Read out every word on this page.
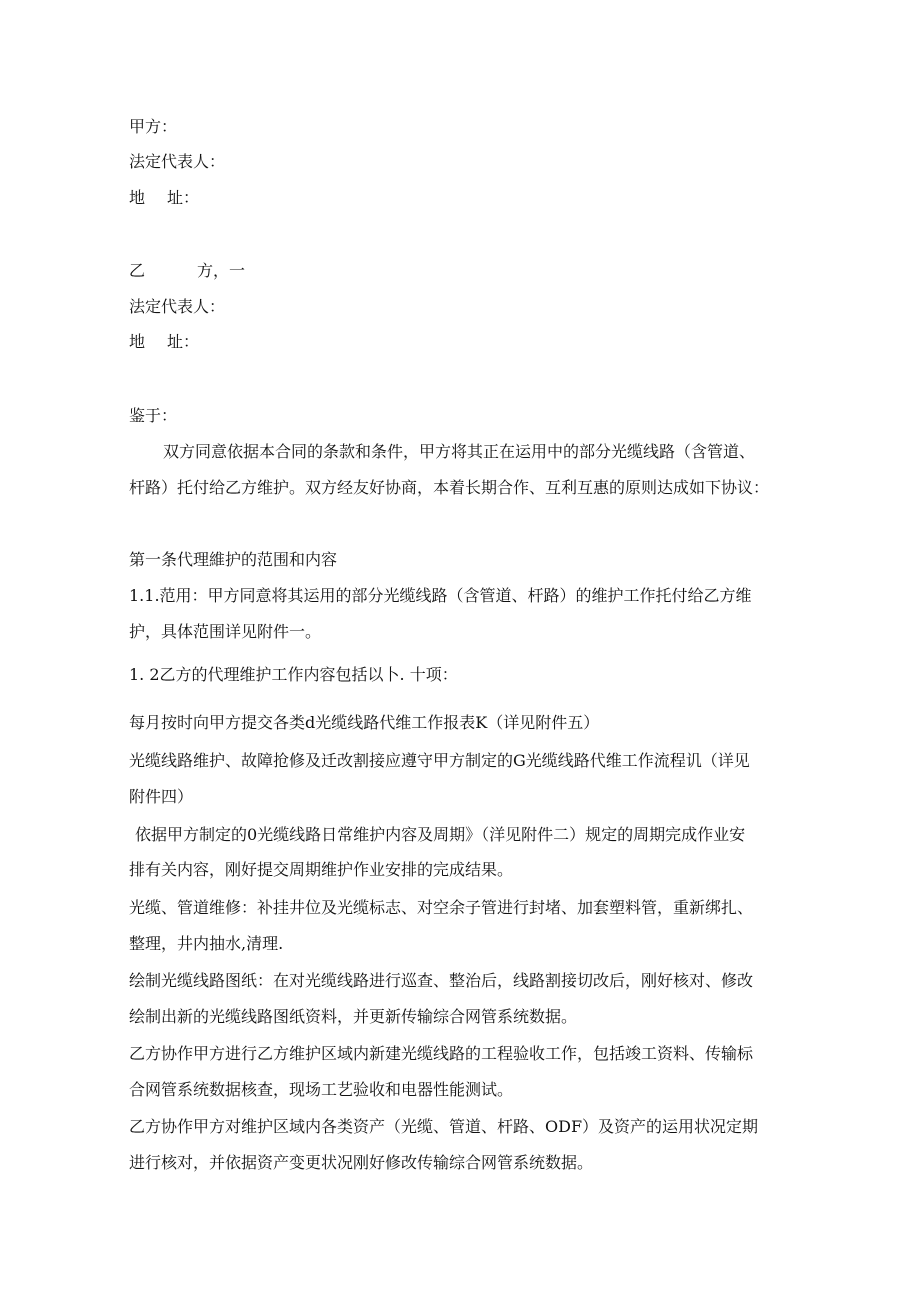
甲方：
法定代表人：
地 址：
乙	方，一
法定代表人：
地 址：
鉴于：
双方同意依据本合同的条款和条件，甲方将其正在运用中的部分光缆线路（含管道、
杆路）托付给乙方维护。双方经友好协商，本着长期合作、互利互惠的原则达成如下协议：
第一条代理維护的范围和内容
1.1.范用：甲方同意将其运用的部分光缆线路（含管道、杆路）的维护工作托付给乙方维
护，具体范围详见附件一。
1. 2乙方的代理维护工作内容包括以卜. 十项：
每月按时向甲方提交各类d光缆线路代维工作报表K（详见附件五）
光缆线路维护、故障抢修及迁改割接应遵守甲方制定的G光缆线路代维工作流程讥（详见
附件四）
依据甲方制定的0光缆线路日常维护内容及周期》（洋见附件二）规定的周期完成作业安
排有关内容，刚好提交周期维护作业安排的完成结果。
光缆、管道维修：补挂井位及光缆标志、对空余子管进行封堵、加套塑料管，重新绑扎、
整理，井内抽水,清理.
绘制光缆线路图纸：在对光缆线路进行巡查、整治后，线路割接切改后，刚好核对、修改
绘制出新的光缆线路图纸资料，并更新传输综合网管系统数据。
乙方协作甲方进行乙方维护区域内新建光缆线路的工程验收工作，包括竣工资料、传输标
合网管系统数据核查，现场工艺验收和电器性能测试。
乙方协作甲方对维护区域内各类资产（光缆、管道、杆路、ODF）及资产的运用状况定期
进行核对，并依据资产变更状况刚好修改传输综合网管系统数据。
